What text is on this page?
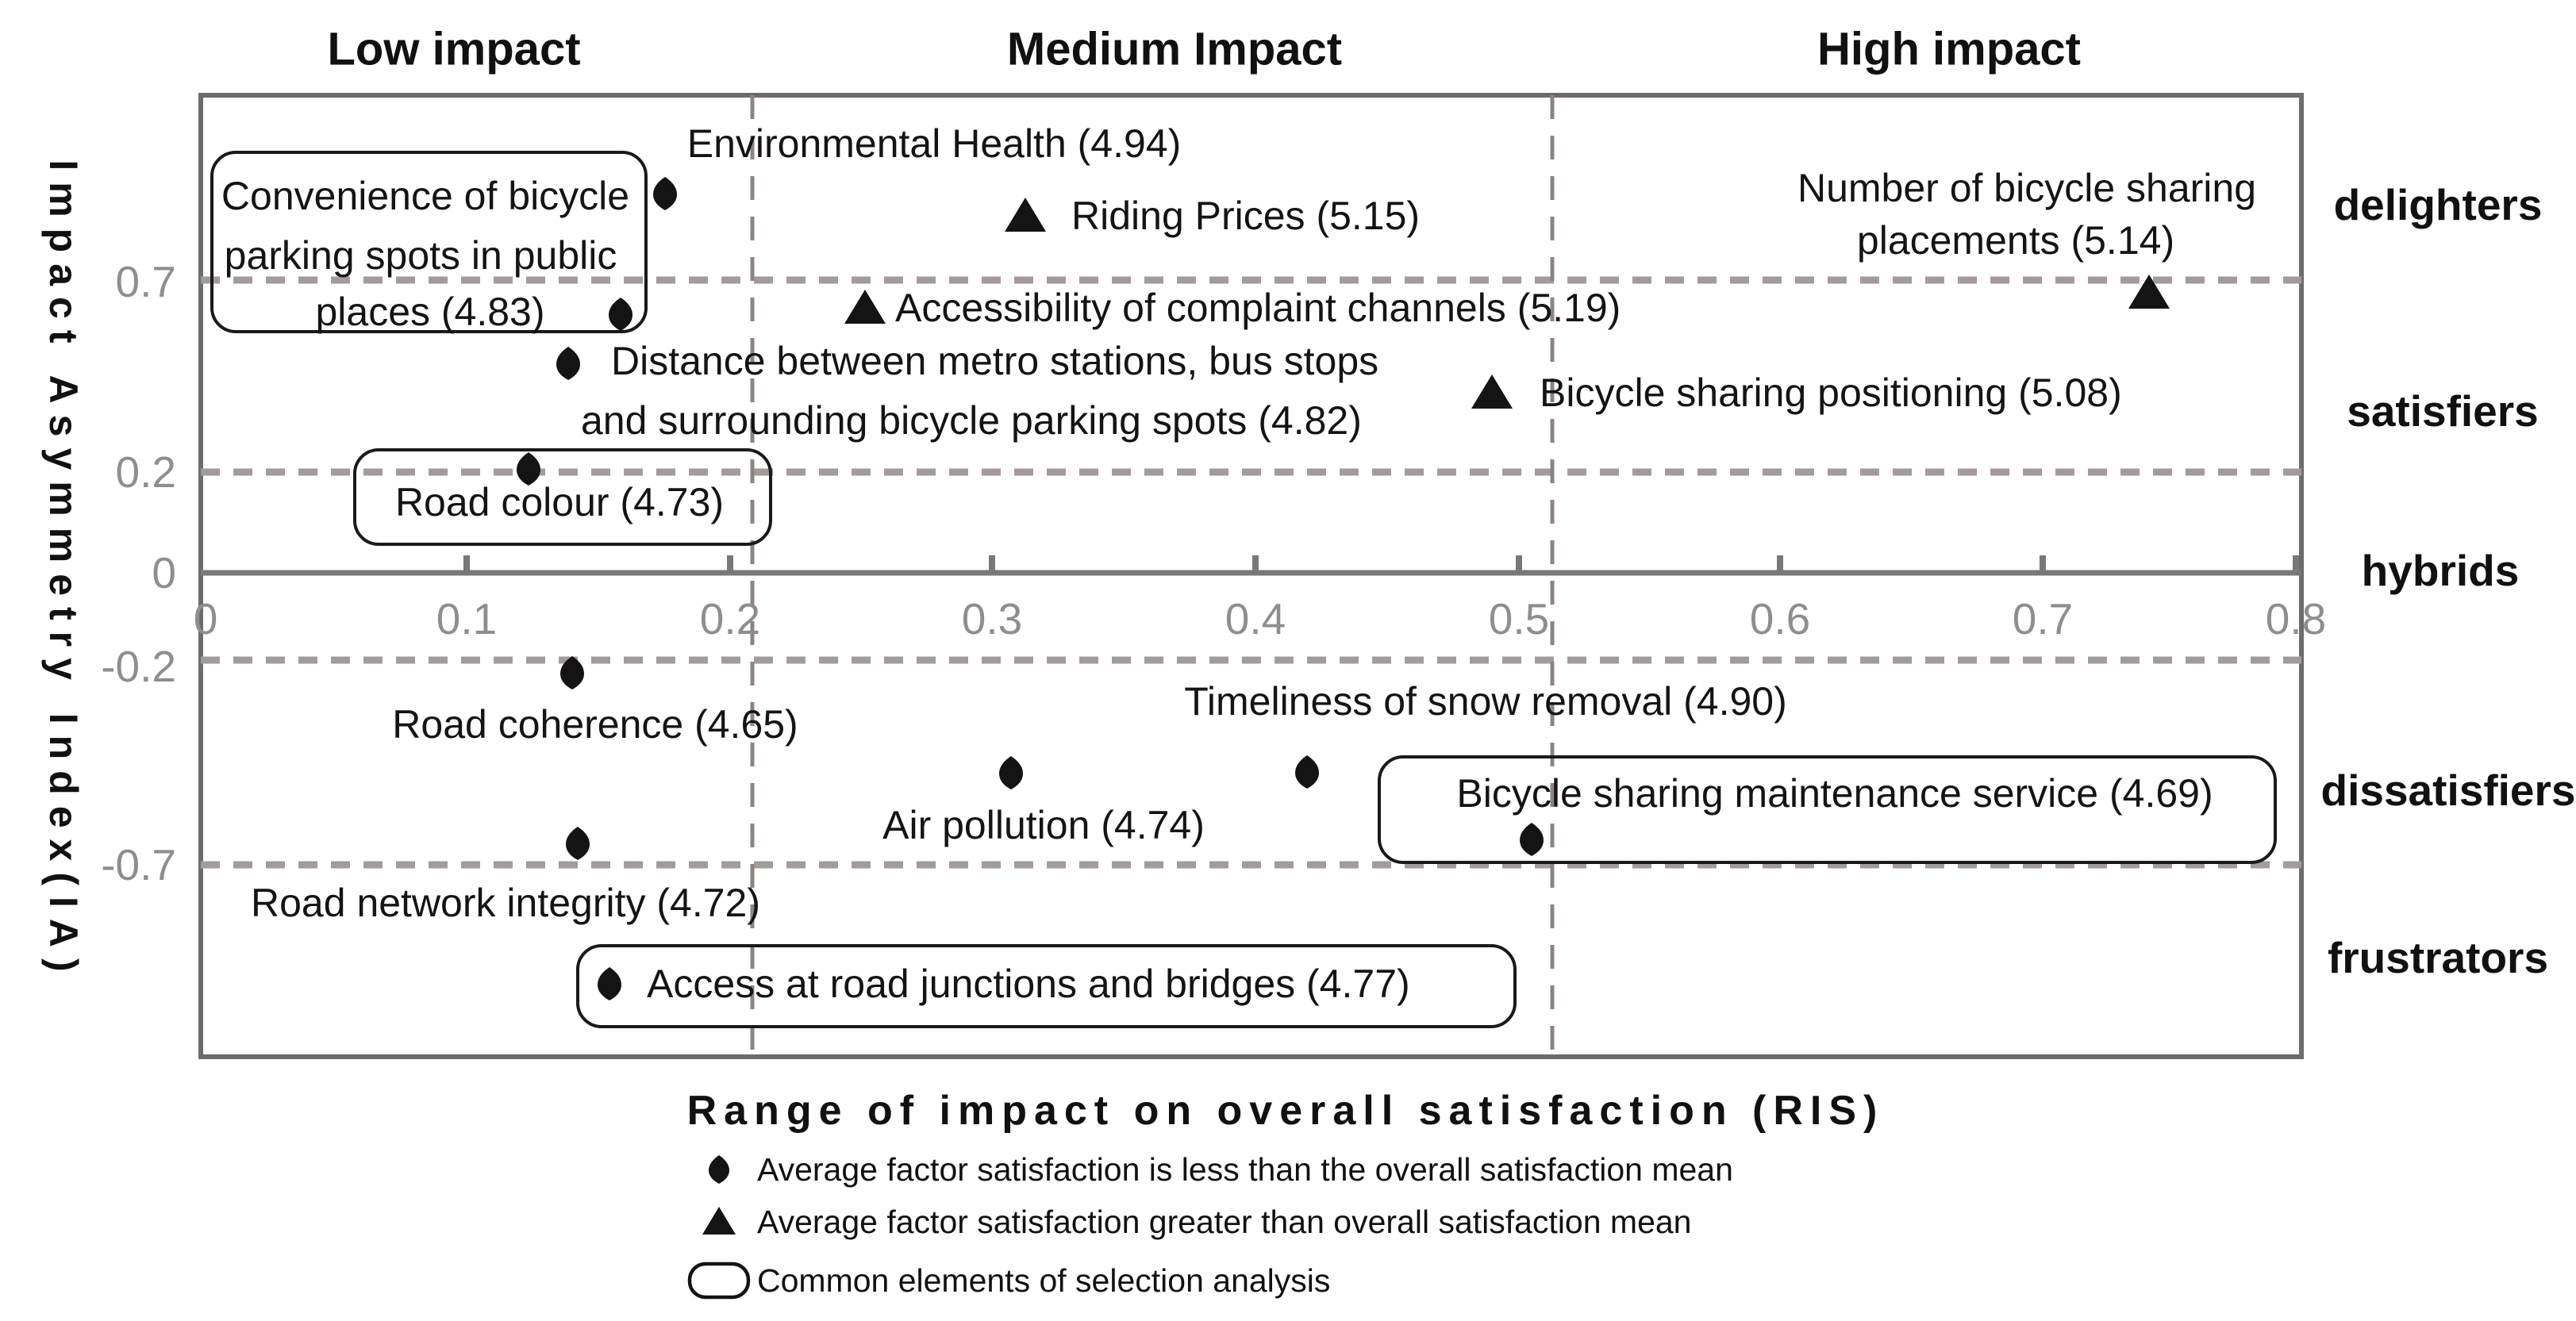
Environmental Health (4.94)
Riding Prices (5.15)
Accessibility of complaint channels (5.19)
Number of bicycle sharing
placements (5.14)
Bicycle sharing positioning (5.08)
Convenience of bicycle
parking spots in public
places (4.83)
Distance between metro stations, bus stops
and surrounding bicycle parking spots (4.82)
Road colour (4.73)
Road coherence (4.65)
Air pollution (4.74)
Timeliness of snow removal (4.90)
Bicycle sharing maintenance service (4.69)
Road network integrity (4.72)
Access at road junctions and bridges (4.77)
Low impact	Medium Impact	High impact
delighters
satisfiers
hybrids
dissatisfiers
frustrators
0.7
0.2
0
-0.2
-0.7
0	0.1	0.2	0.3	0.4	0.5	0.6	0.7	0.8
Impact Asymmetry Index(IA)
Range of impact on overall satisfaction (RIS)
Average factor satisfaction is less than the overall satisfaction mean
Average factor satisfaction greater than overall satisfaction mean
Common elements of selection analysis
